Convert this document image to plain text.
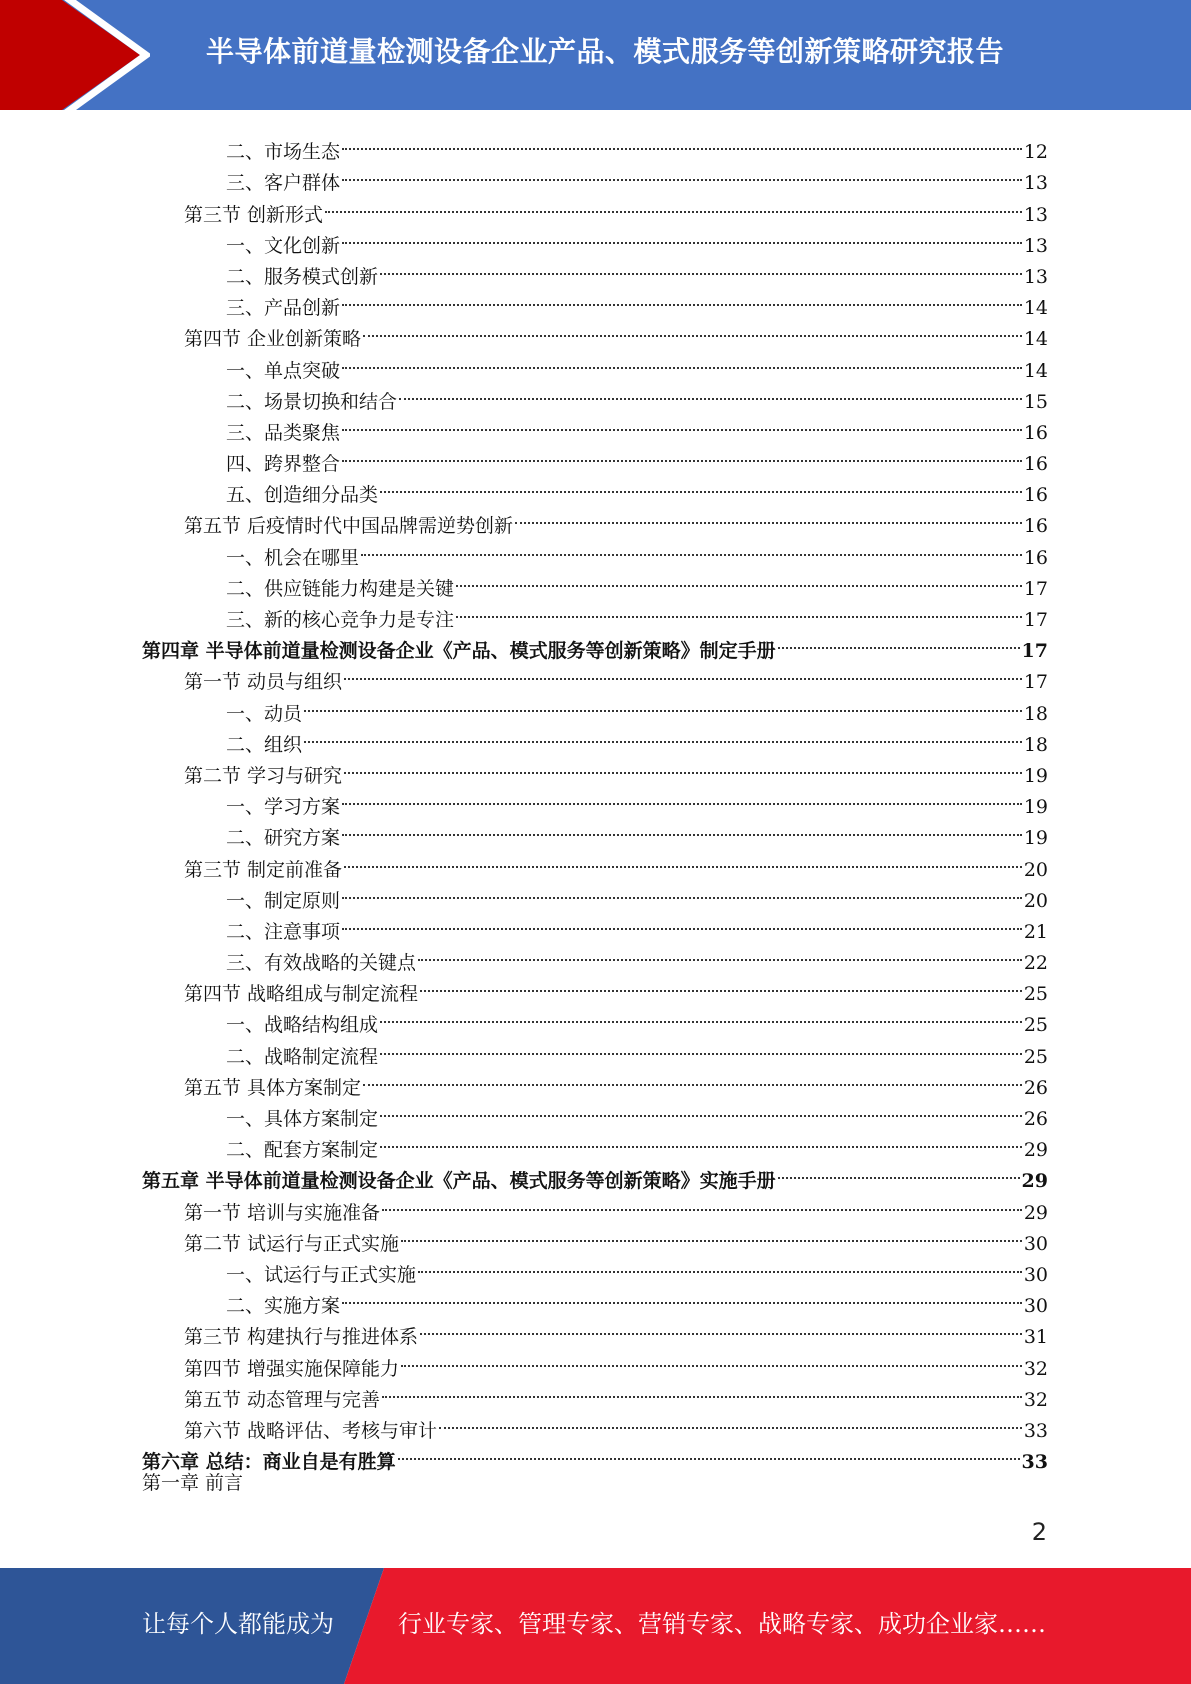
半导体前道量检测设备企业产品、模式服务等创新策略研究报告
二、市场生态	12
三、客户群体	13
第三节 创新形式	13
一、文化创新	13
二、服务模式创新	13
三、产品创新	14
第四节 企业创新策略	14
一、单点突破	14
二、场景切换和结合	15
三、品类聚焦	16
四、跨界整合	16
五、创造细分品类	16
第五节 后疫情时代中国品牌需逆势创新	16
一、机会在哪里	16
二、供应链能力构建是关键	17
三、新的核心竞争力是专注	17
第四章 半导体前道量检测设备企业《产品、模式服务等创新策略》制定手册	17
第一节 动员与组织	17
一、动员	18
二、组织	18
第二节 学习与研究	19
一、学习方案	19
二、研究方案	19
第三节 制定前准备	20
一、制定原则	20
二、注意事项	21
三、有效战略的关键点	22
第四节 战略组成与制定流程	25
一、战略结构组成	25
二、战略制定流程	25
第五节 具体方案制定	26
一、具体方案制定	26
二、配套方案制定	29
第五章 半导体前道量检测设备企业《产品、模式服务等创新策略》实施手册	29
第一节 培训与实施准备	29
第二节 试运行与正式实施	30
一、试运行与正式实施	30
二、实施方案	30
第三节 构建执行与推进体系	31
第四节 增强实施保障能力	32
第五节 动态管理与完善	32
第六节 战略评估、考核与审计	33
第六章 总结：商业自是有胜算	33
第一章 前言
2
让每个人都能成为	行业专家、管理专家、营销专家、战略专家、成功企业家……
